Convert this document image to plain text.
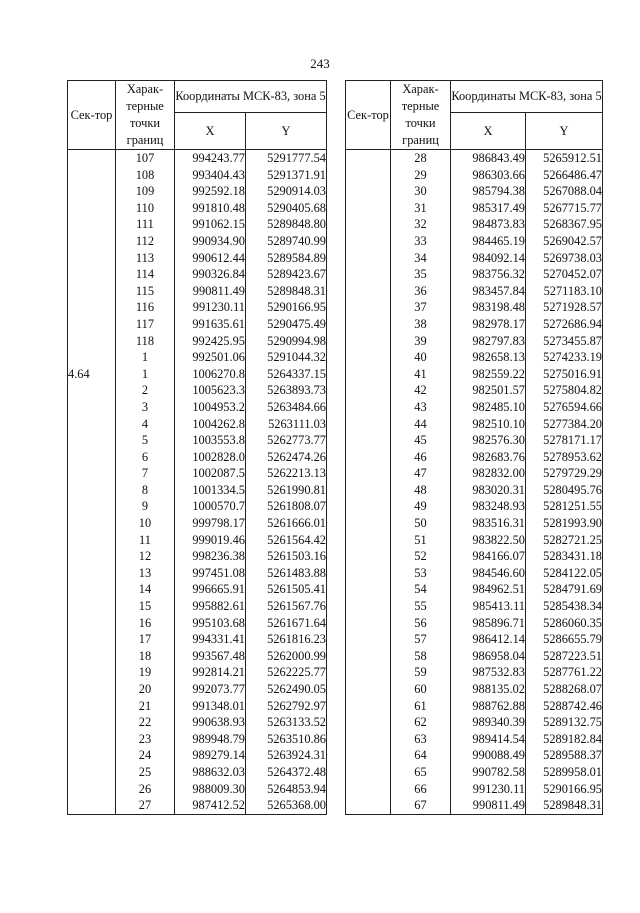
243
Сек-тор	Харак-терные точки границ	Координаты МСК-83, зона 5	
		X	Y
	107	994243.77	5291777.54
	108	993404.43	5291371.91
	109	992592.18	5290914.03
	110	991810.48	5290405.68
	111	991062.15	5289848.80
	112	990934.90	5289740.99
	113	990612.44	5289584.89
	114	990326.84	5289423.67
	115	990811.49	5289848.31
	116	991230.11	5290166.95
	117	991635.61	5290475.49
	118	992425.95	5290994.98
	1	992501.06	5291044.32
4.64	1	1006270.8	5264337.15
	2	1005623.3	5263893.73
	3	1004953.2	5263484.66
	4	1004262.8	5263111.03
	5	1003553.8	5262773.77
	6	1002828.0	5262474.26
	7	1002087.5	5262213.13
	8	1001334.5	5261990.81
	9	1000570.7	5261808.07
	10	999798.17	5261666.01
	11	999019.46	5261564.42
	12	998236.38	5261503.16
	13	997451.08	5261483.88
	14	996665.91	5261505.41
	15	995882.61	5261567.76
	16	995103.68	5261671.64
	17	994331.41	5261816.23
	18	993567.48	5262000.99
	19	992814.21	5262225.77
	20	992073.77	5262490.05
	21	991348.01	5262792.97
	22	990638.93	5263133.52
	23	989948.79	5263510.86
	24	989279.14	5263924.31
	25	988632.03	5264372.48
	26	988009.30	5264853.94
	27	987412.52	5265368.00
Сек-тор	Харак-терные точки границ	Координаты МСК-83, зона 5	
		X	Y
	28	986843.49	5265912.51
	29	986303.66	5266486.47
	30	985794.38	5267088.04
	31	985317.49	5267715.77
	32	984873.83	5268367.95
	33	984465.19	5269042.57
	34	984092.14	5269738.03
	35	983756.32	5270452.07
	36	983457.84	5271183.10
	37	983198.48	5271928.57
	38	982978.17	5272686.94
	39	982797.83	5273455.87
	40	982658.13	5274233.19
	41	982559.22	5275016.91
	42	982501.57	5275804.82
	43	982485.10	5276594.66
	44	982510.10	5277384.20
	45	982576.30	5278171.17
	46	982683.76	5278953.62
	47	982832.00	5279729.29
	48	983020.31	5280495.76
	49	983248.93	5281251.55
	50	983516.31	5281993.90
	51	983822.50	5282721.25
	52	984166.07	5283431.18
	53	984546.60	5284122.05
	54	984962.51	5284791.69
	55	985413.11	5285438.34
	56	985896.71	5286060.35
	57	986412.14	5286655.79
	58	986958.04	5287223.51
	59	987532.83	5287761.22
	60	988135.02	5288268.07
	61	988762.88	5288742.46
	62	989340.39	5289132.75
	63	989414.54	5289182.84
	64	990088.49	5289588.37
	65	990782.58	5289958.01
	66	991230.11	5290166.95
	67	990811.49	5289848.31
